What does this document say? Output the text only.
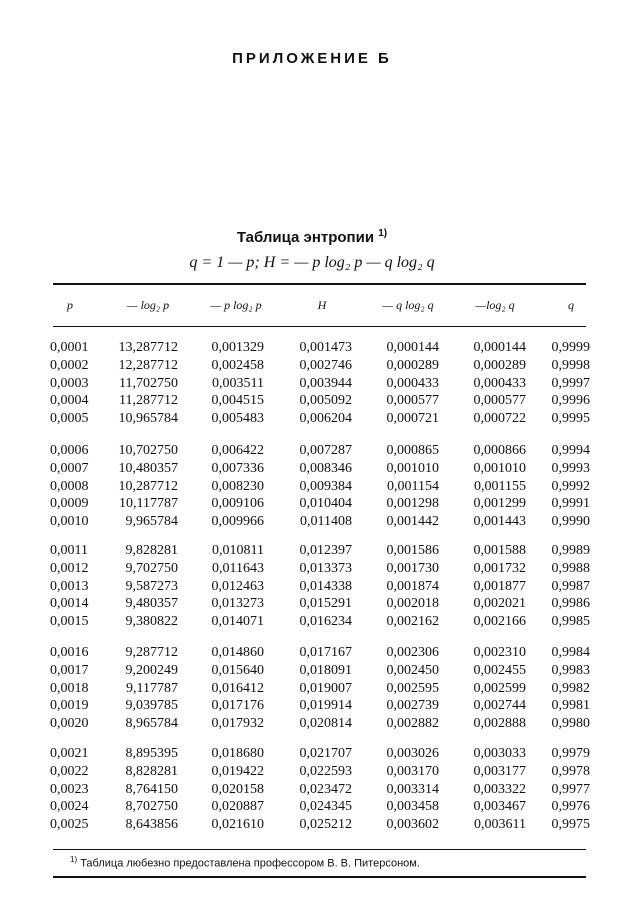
ПРИЛОЖЕНИЕ Б
Таблица энтропии $^{1)}$
q = 1 — p; H = — p log₂ p — q log₂ q
p	— log₂ p	— p log₂ p	H	— q log₂ q	—log₂ q	q
0,0001	13,287712	0,001329	0,001473	0,000144	0,000144 0,9999
0,0002	12,287712	0,002458	0,002746	0,000289	0,000289 0,9998
0,0003	11,702750	0,003511	0,003944	0,000433	0,000433 0,9997
0,0004	11,287712	0,004515	0,005092	0,000577	0,000577 0,9996
0,0005	10,965784	0,005483	0,006204	0,000721	0,000722 0,9995
0,0006	10,702750	0,006422	0,007287	0,000865	0,000866 0,9994
0,0007	10,480357	0,007336	0,008346	0,001010	0,001010 0,9993
0,0008	10,287712	0,008230	0,009384	0,001154	0,001155 0,9992
0,0009	10,117787	0,009106	0,010404	0,001298	0,001299 0,9991
0,0010	9,965784	0,009966	0,011408	0,001442	0,001443 0,9990
0,0011	9,828281	0,010811	0,012397	0,001586	0,001588 0,9989
0,0012	9,702750	0,011643	0,013373	0,001730	0,001732 0,9988
0,0013	9,587273	0,012463	0,014338	0,001874	0,001877 0,9987
0,0014	9,480357	0,013273	0,015291	0,002018	0,002021 0,9986
0,0015	9,380822	0,014071	0,016234	0,002162	0,002166 0,9985
0,0016	9,287712	0,014860	0,017167	0,002306	0,002310 0,9984
0,0017	9,200249	0,015640	0,018091	0,002450	0,002455 0,9983
0,0018	9,117787	0,016412	0,019007	0,002595	0,002599 0,9982
0,0019	9,039785	0,017176	0,019914	0,002739	0,002744 0,9981
0,0020	8,965784	0,017932	0,020814	0,002882	0,002888 0,9980
0,0021	8,895395	0,018680	0,021707	0,003026	0,003033 0,9979
0,0022	8,828281	0,019422	0,022593	0,003170	0,003177 0,9978
0,0023	8,764150	0,020158	0,023472	0,003314	0,003322 0,9977
0,0024	8,702750	0,020887	0,024345	0,003458	0,003467 0,9976
0,0025	8,643856	0,021610	0,025212	0,003602	0,003611 0,9975
$^{1)}$ Таблица любезно предоставлена профессором В. В. Питерсоном.
